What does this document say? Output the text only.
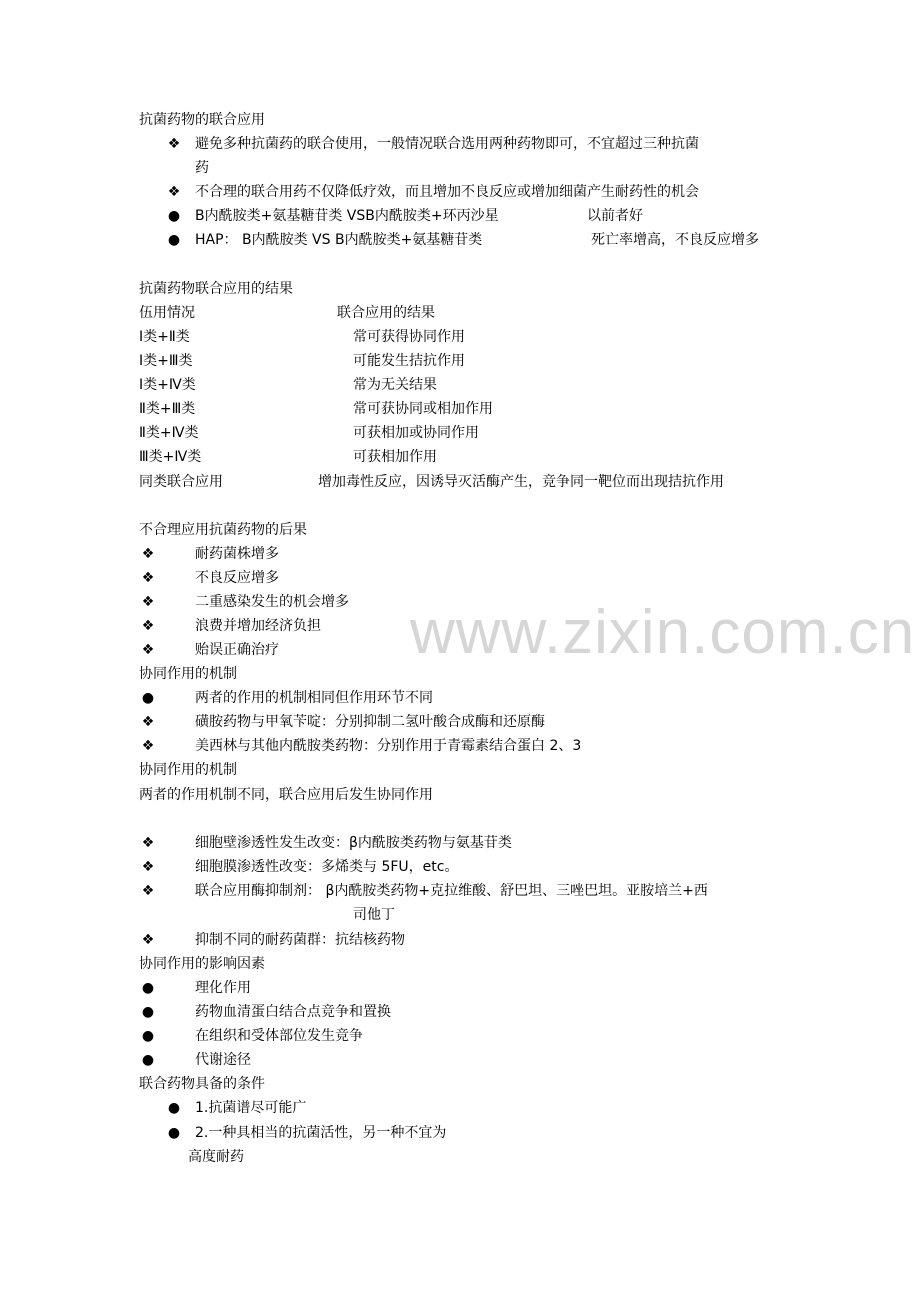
www.zixin.com.cn
抗菌药物的联合应用
❖ 避免多种抗菌药的联合使用，一般情况联合选用两种药物即可，不宜超过三种抗菌
药
❖ 不合理的联合用药不仅降低疗效，而且增加不良反应或增加细菌产生耐药性的机会
● B内酰胺类+氨基糖苷类 VSB内酰胺类+环丙沙星	以前者好
● HAP： B内酰胺类 VS B内酰胺类+氨基糖苷类	死亡率增高，不良反应增多
抗菌药物联合应用的结果
伍用情况	联合应用的结果
Ⅰ类+Ⅱ类	常可获得协同作用
Ⅰ类+Ⅲ类	可能发生拮抗作用
Ⅰ类+Ⅳ类	常为无关结果
Ⅱ类+Ⅲ类	常可获协同或相加作用
Ⅱ类+Ⅳ类	可获相加或协同作用
Ⅲ类+Ⅳ类	可获相加作用
同类联合应用	增加毒性反应，因诱导灭活酶产生，竞争同一靶位而出现拮抗作用
不合理应用抗菌药物的后果
❖	耐药菌株增多
❖	不良反应增多
❖	二重感染发生的机会增多
❖	浪费并增加经济负担
❖	贻误正确治疗
协同作用的机制
●	两者的作用的机制相同但作用环节不同
❖	磺胺药物与甲氧苄啶：分别抑制二氢叶酸合成酶和还原酶
❖	美西林与其他内酰胺类药物：分别作用于青霉素结合蛋白 2、3
协同作用的机制
两者的作用机制不同，联合应用后发生协同作用
❖	细胞壁渗透性发生改变：β内酰胺类药物与氨基苷类
❖	细胞膜渗透性改变：多烯类与 5FU，etc。
❖	联合应用酶抑制剂： β内酰胺类药物+克拉维酸、舒巴坦、三唑巴坦。亚胺培兰+西
司他丁
❖	抑制不同的耐药菌群：抗结核药物
协同作用的影响因素
●	理化作用
●	药物血清蛋白结合点竞争和置换
●	在组织和受体部位发生竞争
●	代谢途径
联合药物具备的条件
● 1.抗菌谱尽可能广
● 2.一种具相当的抗菌活性，另一种不宜为
高度耐药
